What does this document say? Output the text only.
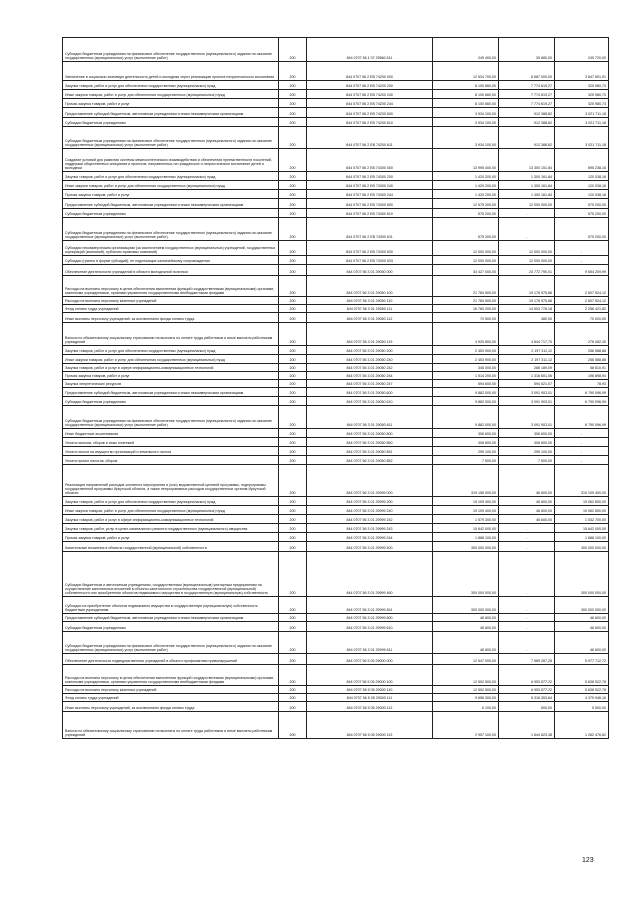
Субсидии бюджетным учреждениям на финансовое обеспечение государственного (муниципального) задания на оказание государственных (муниципальных) услуг (выполнение работ)	200	844 0707 56 1 07 29560 611	249 400,00	39 680,00	249 720,00
Увеличение в социально значимую деятельность детей и молодежи через реализацию проекта патриотического воспитания	200	844 0707 56 2 EВ 74200 000	12 534 700,00	8 687 000,00	3 847 691,91
Закупка товаров, работ и услуг для обеспечения государственных (муниципальных) нужд	200	844 0707 56 2 EВ 74200 200	8 100 660,00	7 774 619,27	325 980,73
Иные закупки товаров, работ и услуг для обеспечения государственных (муниципальных) нужд	200	844 0707 56 2 EВ 74200 240	8 100 660,00	7 774 619,27	325 980,73
Прочая закупка товаров, работ и услуг	200	844 0707 56 2 EВ 74200 244	8 100 660,00	7 774 619,27	325 980,73
Предоставление субсидий бюджетным, автономным учреждениям и иным некоммерческим организациям	200	844 0707 56 2 EВ 74200 600	3 934 100,00	912 388,82	3 021 711,18
Субсидии бюджетным учреждениям	200	844 0707 56 2 EВ 74200 610	3 934 100,00	912 388,82	3 021 711,18
Субсидии бюджетным учреждениям на финансовое обеспечение государственного (муниципального) задания на оказание государственных (муниципальных) услуг (выполнение работ)	200	844 0707 56 2 EВ 74200 611	3 934 100,00	912 388,82	3 021 711,18
Создание условий для развития системы межпоселенческого взаимодействия и обеспечения преемственности поколений, поддержки общественных инициатив и проектов, направленных на гражданское и патриотическое воспитание детей и молодежи	200	844 0707 56 2 EВ 74300 000	13 995 400,00	13 300 151,84	695 238,16
Закупка товаров, работ и услуг для обеспечения государственных (муниципальных) нужд	200	844 0707 56 2 EВ 74300 200	1 420 200,00	1 300 161,84	120 038,16
Иные закупки товаров, работ и услуг для обеспечения государственных (муниципальных) нужд	200	844 0707 56 2 EВ 74300 240	1 420 200,00	1 300 161,84	120 038,16
Прочая закупка товаров, работ и услуг	200	844 0707 56 2 EВ 74300 244	1 420 200,00	1 300 161,84	120 038,16
Предоставление субсидий бюджетным, автономным учреждениям и иным некоммерческим организациям	200	844 0707 56 2 EВ 74300 600	12 575 200,00	12 000 000,00	575 200,00
Субсидии бюджетным учреждениям	200	844 0707 56 2 EВ 74300 610	575 200,00	-	575 200,00
Субсидии бюджетным учреждениям на финансовое обеспечение государственного (муниципального) задания на оказание государственных (муниципальных) услуг (выполнение работ)	200	844 0707 56 2 EВ 74300 611	575 200,00	-	575 200,00
Субсидии некоммерческим организациям (за исключением государственных (муниципальных) учреждений, государственных корпораций (компаний), публично-правовых компаний)	200	844 0707 56 2 EВ 74300 630	12 000 000,00	12 000 000,00	-
Субсидии (гранты в форме субсидий), не подлежащие казначейскому сопровождению	200	844 0707 56 2 EВ 74300 633	12 000 000,00	12 000 000,00	-
Обеспечение деятельности учреждений в области молодежной политики	200	844 0707 56 3 01 29050 000	34 427 000,00	24 772 790,01	9 654 209,99
Расходы на выплаты персоналу в целях обеспечения выполнения функций государственными (муниципальными) органами, казенными учреждениями, органами управления государственными внебюджетными фондами	200	844 0707 56 3 01 29050 100	21 784 500,00	19 176 975,88	2 607 524,12
Расходы на выплаты персоналу казенных учреждений	200	844 0707 56 3 01 29050 110	21 784 500,00	19 176 975,88	2 607 524,12
Фонд оплаты труда учреждений	200	844 0707 56 3 01 29050 111	16 760 200,00	14 503 778,18	2 256 421,82
Иные выплаты персоналу учреждений, за исключением фонда оплаты труда	200	844 0707 56 3 01 29050 112	70 500,00	480,00	70 020,00
Взносы по обязательному социальному страхованию на выплаты по оплате труда работников и иные выплаты работникам учреждений	200	844 0707 56 3 01 29050 119	4 920 800,00	4 644 717,70	276 082,30
Закупка товаров, работ и услуг для обеспечения государственных (муниципальных) нужд	200	844 0707 56 3 01 29050 200	2 453 900,00	2 197 311,12	256 588,88
Иные закупки товаров, работ и услуг для обеспечения государственных (муниципальных) нужд	200	844 0707 56 3 01 29050 240	2 453 900,00	2 197 311,12	256 588,88
Закупка товаров, работ и услуг в сфере информационно-коммуникационных технологий	200	844 0707 56 3 01 29050 242	345 000,00	286 189,09	58 810,91
Прочая закупка товаров, работ и услуг	200	844 0707 56 3 01 29050 244	1 514 200,00	1 316 601,06	196 898,94
Закупка энергетических ресурсов	200	844 0707 56 3 01 29050 247	594 600,00	594 521,07	78,93
Предоставление субсидий бюджетным, автономным учреждениям и иным некоммерческим организациям	200	844 0707 56 3 01 29050 600	9 882 000,00	3 091 903,01	6 790 096,99
Субсидии бюджетным учреждениям	200	844 0707 56 3 01 29050 610	9 882 000,00	3 091 903,01	6 790 096,99
Субсидии бюджетным учреждениям на финансовое обеспечение государственного (муниципального) задания на оказание государственных (муниципальных) услуг (выполнение работ)	200	844 0707 56 3 01 29050 611	9 882 000,00	3 091 903,01	6 790 096,99
Иные бюджетные ассигнования	200	844 0707 56 3 01 29050 800	306 600,00	306 600,00	-
Уплата налогов, сборов и иных платежей	200	844 0707 56 3 01 29050 850	306 600,00	306 600,00	-
Уплата налога на имущество организаций и земельного налога	200	844 0707 56 3 01 29050 851	299 100,00	299 100,00	-
Уплата прочих налогов, сборов	200	844 0707 56 3 01 29050 852	7 500,00	7 500,00	-
Реализация направлений расходов основного мероприятия и (или) ведомственной целевой программы, подпрограммы государственной программы Иркутской области, а также непрограммных расходов государственных органов Иркутской области	200	844 0707 56 3 01 29999 000	319 156 000,00	46 600,00	319 109 400,00
Закупка товаров, работ и услуг для обеспечения государственных (муниципальных) нужд	200	844 0707 56 3 01 29999 200	19 109 400,00	46 600,00	19 062 800,00
Иные закупки товаров, работ и услуг для обеспечения государственных (муниципальных) нужд	200	844 0707 56 3 01 29999 240	19 109 400,00	46 600,00	19 062 800,00
Закупка товаров, работ и услуг в сфере информационно-коммуникационных технологий	200	844 0707 56 3 01 29999 242	1 579 300,00	46 600,00	1 532 700,00
Закупка товаров, работ, услуг в целях капитального ремонта государственного (муниципального) имущества	200	844 0707 56 3 01 29999 243	15 642 000,00	-	15 642 000,00
Прочая закупка товаров, работ и услуг	200	844 0707 56 3 01 29999 244	1 888 100,00	-	1 888 100,00
Капитальные вложения в объекты государственной (муниципальной) собственности	200	844 0707 56 3 01 29999 400	300 000 000,00	-	300 000 000,00
Субсидии бюджетным и автономным учреждениям, государственным (муниципальным) унитарным предприятиям на осуществление капитальных вложений в объекты капитального строительства государственной (муниципальной) собственности или приобретение объектов недвижимого имущества в государственную (муниципальную) собственность	200	844 0707 56 3 01 29999 460	300 000 000,00	-	300 000 000,00
Субсидии на приобретение объектов недвижимого имущества в государственную (муниципальную) собственность бюджетным учреждениям	200	844 0707 56 3 01 29999 461	300 000 000,00	-	300 000 000,00
Предоставление субсидий бюджетным, автономным учреждениям и иным некоммерческим организациям	200	844 0707 56 3 01 29999 600	46 600,00	-	46 600,00
Субсидии бюджетным учреждениям	200	844 0707 56 3 01 29999 610	46 600,00	-	46 600,00
Субсидии бюджетным учреждениям на финансовое обеспечение государственного (муниципального) задания на оказание государственных (муниципальных) услуг (выполнение работ)	200	844 0707 56 3 01 29999 611	46 600,00	-	46 600,00
Обеспечение деятельности подведомственных учреждений в области профилактики правонарушений	200	844 0707 56 5 05 29000 000	12 547 000,00	7 569 287,28	5 977 712,72
Расходы на выплаты персоналу в целях обеспечения выполнения функций государственными (муниципальными) органами, казенными учреждениями, органами управления государственными внебюджетными фондами	200	844 0707 56 5 05 29000 100	12 592 500,00	6 953 577,22	5 638 922,78
Расходы на выплаты персоналу казенных учреждений	200	844 0707 56 5 05 29000 110	12 592 500,00	6 953 577,22	5 638 922,78
Фонд оплаты труда учреждений	200	844 0707 56 5 05 29000 111	9 696 300,00	5 316 353,84	4 379 946,16
Иные выплаты персоналу учреждений, за исключением фонда оплаты труда	200	844 0707 56 5 05 29000 112	6 100,00	600,00	5 500,00
Взносы по обязательному социальному страхованию на выплаты по оплате труда работников и иные выплаты работникам учреждений	200	844 0707 56 5 05 29000 119	2 907 100,00	1 644 623,38	1 262 476,62
123
